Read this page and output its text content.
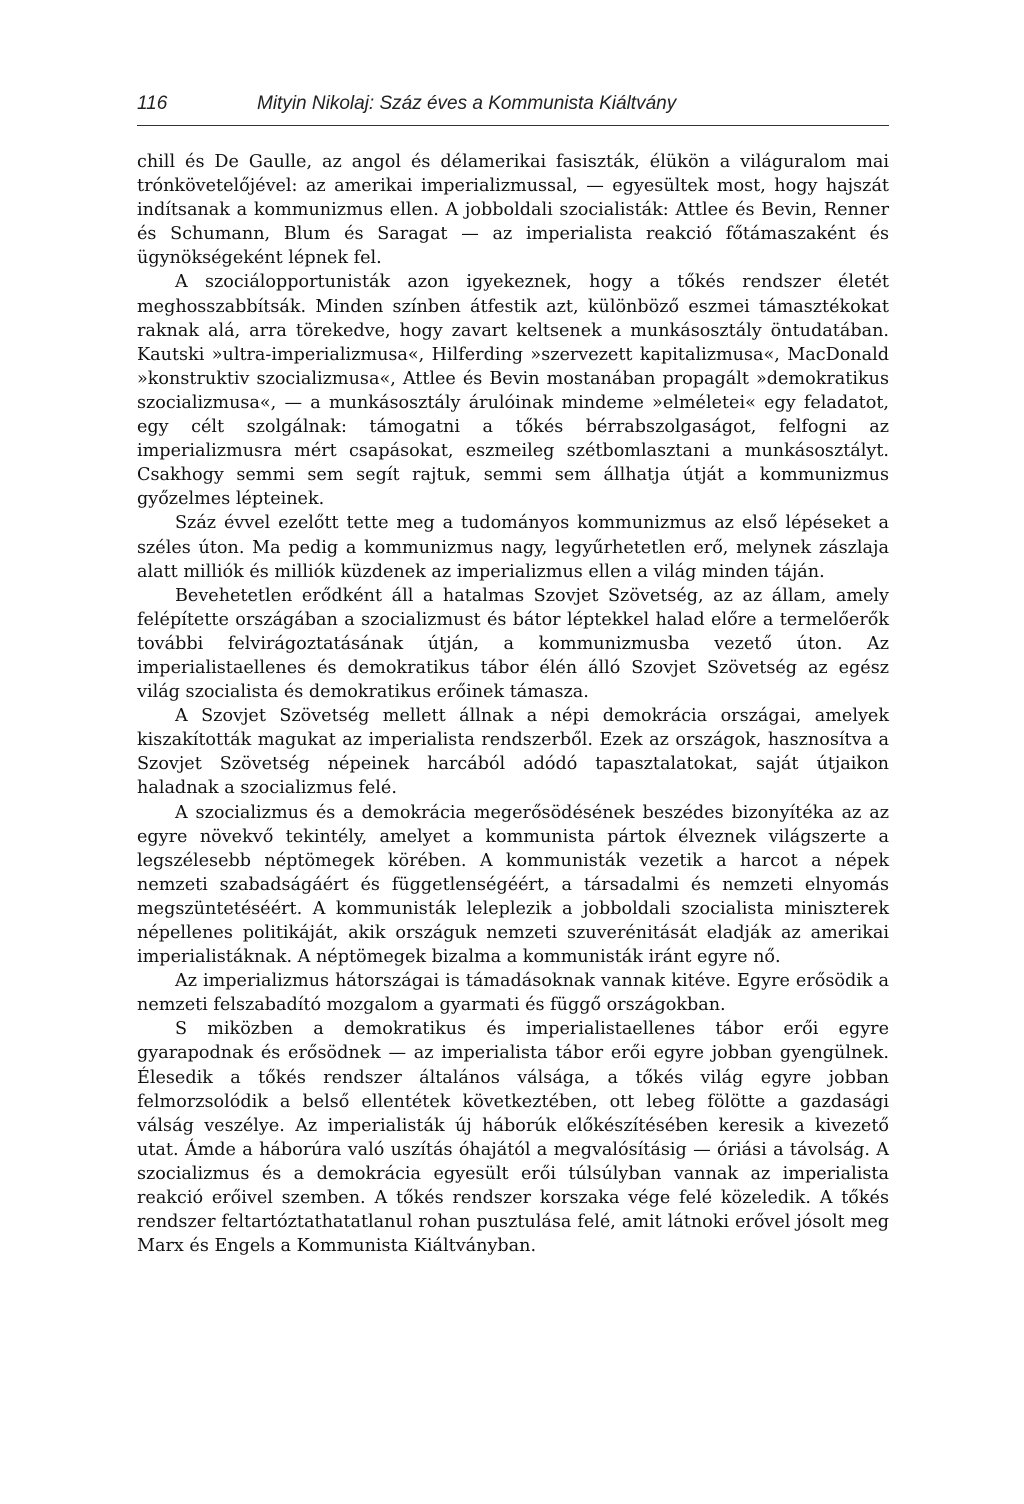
116	Mityin Nikolaj: Száz éves a Kommunista Kiáltvány

chill és De Gaulle, az angol és délamerikai fasiszták, élükön a világuralom mai trónkövetelőjével: az amerikai imperializmussal, — egyesültek most, hogy hajszát indítsanak a kommunizmus ellen. A jobboldali szocialisták: Attlee és Bevin, Renner és Schumann, Blum és Saragat — az imperialista reakció főtámaszaként és ügynökségeként lépnek fel.

A szociálopportunisták azon igyekeznek, hogy a tőkés rendszer életét meghosszabbítsák. Minden színben átfestik azt, különböző eszmei támasztékokat raknak alá, arra törekedve, hogy zavart keltsenek a munkásosztály öntudatában. Kautski »ultra-imperializmusa«, Hilferding »szervezett kapitalizmusa«, MacDonald »konstruktiv szocializmusa«, Attlee és Bevin mostanában propagált »demokratikus szocializmusa«, — a munkásosztály árulóinak mindeme »elméletei« egy feladatot, egy célt szolgálnak: támogatni a tőkés bérrabszolgaságot, felfogni az imperializmusra mért csapásokat, eszmeileg szétbomlasztani a munkásosztályt. Csakhogy semmi sem segít rajtuk, semmi sem állhatja útját a kommunizmus győzelmes lépteinek.

Száz évvel ezelőtt tette meg a tudományos kommunizmus az első lépéseket a széles úton. Ma pedig a kommunizmus nagy, legyűrhetetlen erő, melynek zászlaja alatt milliók és milliók küzdenek az imperializmus ellen a világ minden táján.

Bevehetetlen erődként áll a hatalmas Szovjet Szövetség, az az állam, amely felépítette országában a szocializmust és bátor léptekkel halad előre a termelőerők további felvirágoztatásának útján, a kommunizmusba vezető úton. Az imperialistaellenes és demokratikus tábor élén álló Szovjet Szövetség az egész világ szocialista és demokratikus erőinek támasza.

A Szovjet Szövetség mellett állnak a népi demokrácia országai, amelyek kiszakították magukat az imperialista rendszerből. Ezek az országok, hasznosítva a Szovjet Szövetség népeinek harcából adódó tapasztalatokat, saját útjaikon haladnak a szocializmus felé.

A szocializmus és a demokrácia megerősödésének beszédes bizonyítéka az az egyre növekvő tekintély, amelyet a kommunista pártok élveznek világszerte a legszélesebb néptömegek körében. A kommunisták vezetik a harcot a népek nemzeti szabadságáért és függetlenségéért, a társadalmi és nemzeti elnyomás megszüntetéséért. A kommunisták leleplezik a jobboldali szocialista miniszterek népellenes politikáját, akik országuk nemzeti szuverénitását eladják az amerikai imperialistáknak. A néptömegek bizalma a kommunisták iránt egyre nő.

Az imperializmus hátországai is támadásoknak vannak kitéve. Egyre erősödik a nemzeti felszabadító mozgalom a gyarmati és függő országokban.

S miközben a demokratikus és imperialistaellenes tábor erői egyre gyarapodnak és erősödnek — az imperialista tábor erői egyre jobban gyengülnek. Élesedik a tőkés rendszer általános válsága, a tőkés világ egyre jobban felmorzsolódik a belső ellentétek következtében, ott lebeg fölötte a gazdasági válság veszélye. Az imperialisták új háborúk előkészítésében keresik a kivezető utat. Ámde a háborúra való uszítás óhajától a megvalósításig — óriási a távolság. A szocializmus és a demokrácia egyesült erői túlsúlyban vannak az imperialista reakció erőivel szemben. A tőkés rendszer korszaka vége felé közeledik. A tőkés rendszer feltartóztathatatlanul rohan pusztulása felé, amit látnoki erővel jósolt meg Marx és Engels a Kommunista Kiáltványban.
